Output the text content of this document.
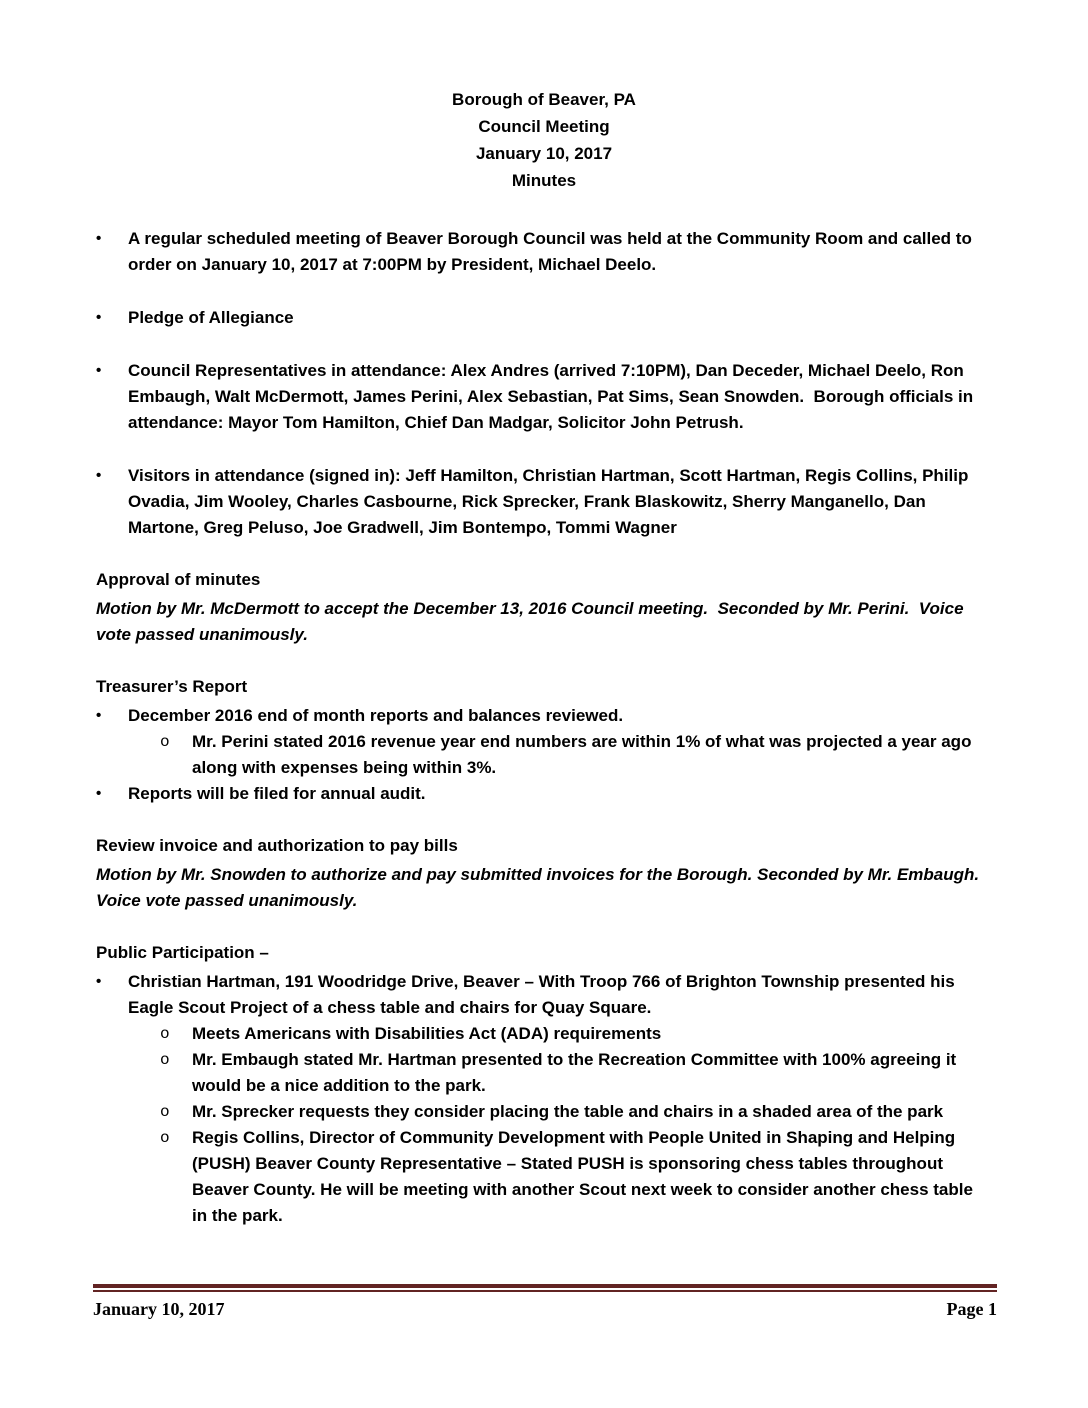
Borough of Beaver, PA

Council Meeting

January 10, 2017

Minutes

•	A regular scheduled meeting of Beaver Borough Council was held at the Community Room and called to order on January 10, 2017 at 7:00PM by President, Michael Deelo.

•	Pledge of Allegiance

•	Council Representatives in attendance: Alex Andres (arrived 7:10PM), Dan Deceder, Michael Deelo, Ron Embaugh, Walt McDermott, James Perini, Alex Sebastian, Pat Sims, Sean Snowden.  Borough officials in attendance: Mayor Tom Hamilton, Chief Dan Madgar, Solicitor John Petrush.

•	Visitors in attendance (signed in): Jeff Hamilton, Christian Hartman, Scott Hartman, Regis Collins, Philip Ovadia, Jim Wooley, Charles Casbourne, Rick Sprecker, Frank Blaskowitz, Sherry Manganello, Dan Martone, Greg Peluso, Joe Gradwell, Jim Bontempo, Tommi Wagner

Approval of minutes

Motion by Mr. McDermott to accept the December 13, 2016 Council meeting.  Seconded by Mr. Perini.  Voice vote passed unanimously.

Treasurer’s Report
•	December 2016 end of month reports and balances reviewed.

o	Mr. Perini stated 2016 revenue year end numbers are within 1% of what was projected a year ago along with expenses being within 3%.

•	Reports will be filed for annual audit.

Review invoice and authorization to pay bills

Motion by Mr. Snowden to authorize and pay submitted invoices for the Borough. Seconded by Mr. Embaugh. Voice vote passed unanimously.

Public Participation –
•	Christian Hartman, 191 Woodridge Drive, Beaver – With Troop 766 of Brighton Township presented his Eagle Scout Project of a chess table and chairs for Quay Square.

o	Meets Americans with Disabilities Act (ADA) requirements

o	Mr. Embaugh stated Mr. Hartman presented to the Recreation Committee with 100% agreeing it would be a nice addition to the park.

o	Mr. Sprecker requests they consider placing the table and chairs in a shaded area of the park

o	Regis Collins, Director of Community Development with People United in Shaping and Helping (PUSH) Beaver County Representative – Stated PUSH is sponsoring chess tables throughout Beaver County. He will be meeting with another Scout next week to consider another chess table in the park.

January 10, 2017	Page 1
